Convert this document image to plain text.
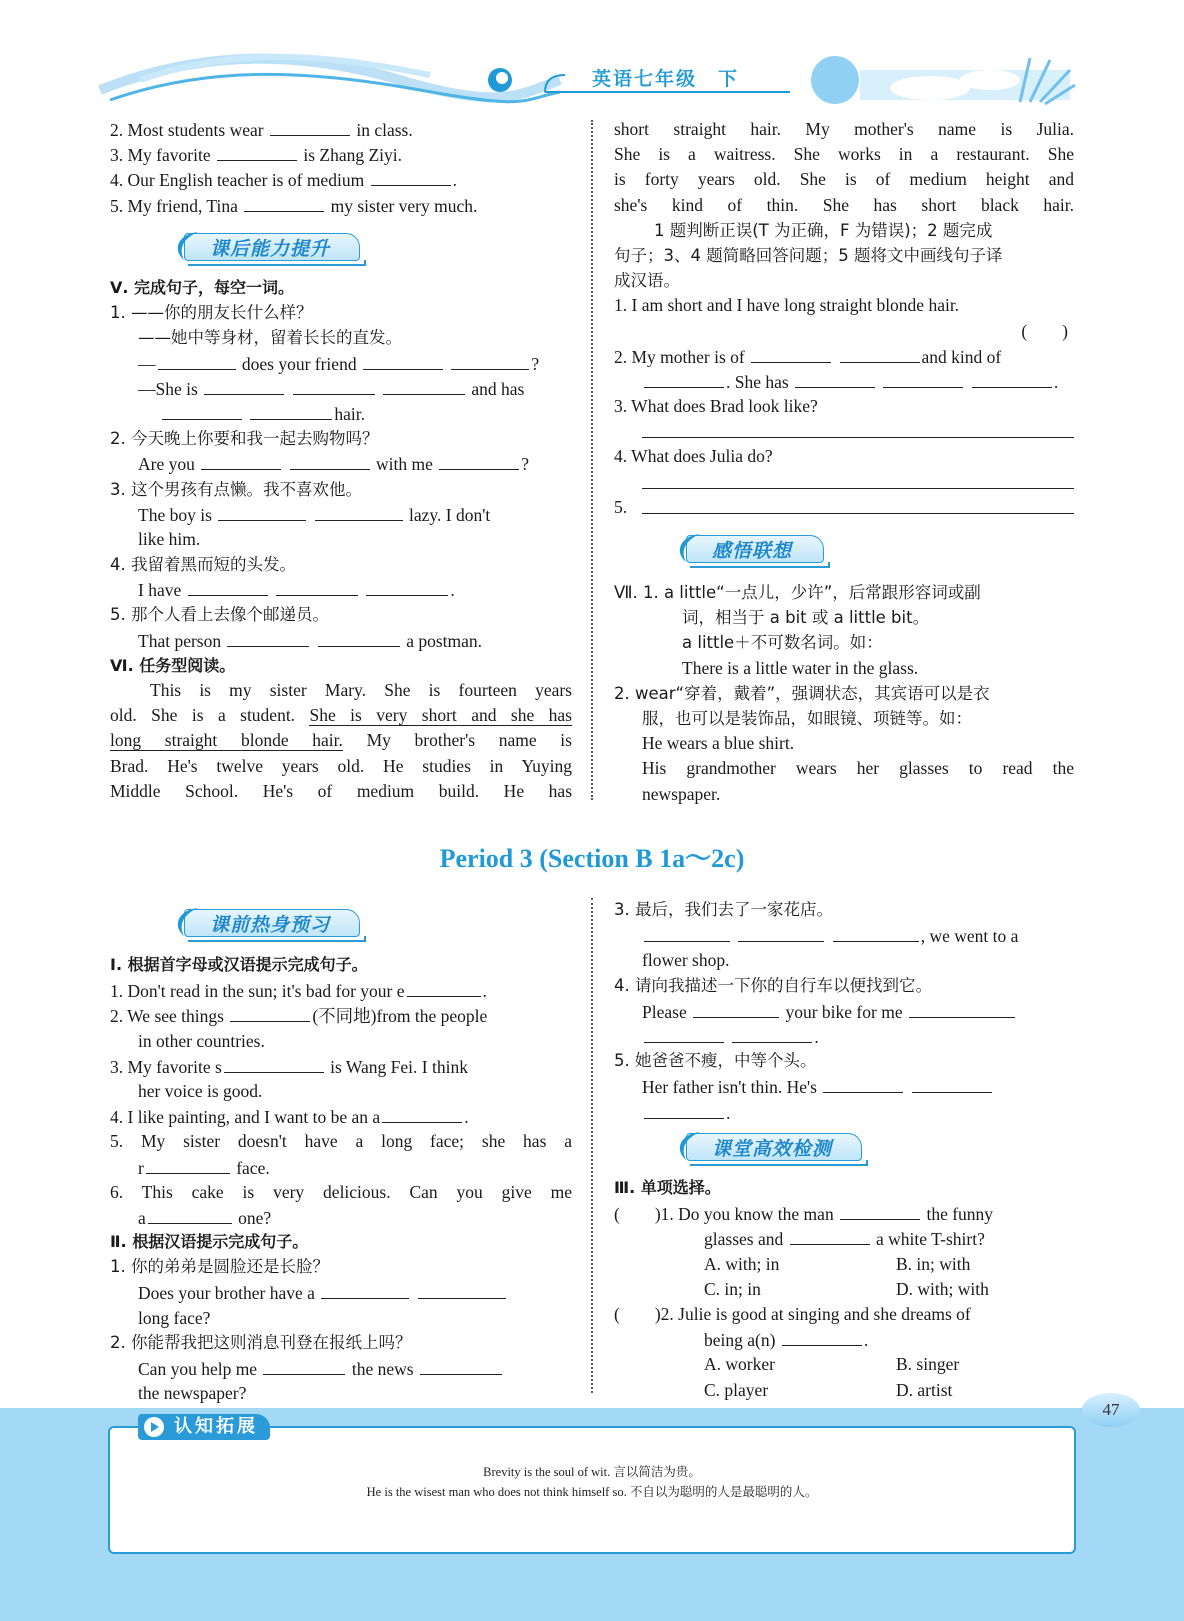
英语七年级　下
2. Most students wear	in class.
3. My favorite	is Zhang Ziyi.
4. Our English teacher is of medium	.
5. My friend, Tina	my sister very much.
课后能力提升
Ⅴ. 完成句子，每空一词。
1. ——你的朋友长什么样？
——她中等身材，留着长长的直发。
—	does your friend	?
—She is	and has
hair.
2. 今天晚上你要和我一起去购物吗？
Are you	with me	?
3. 这个男孩有点懒。我不喜欢他。
The boy is	lazy. I don't
like him.
4. 我留着黑而短的头发。
I have	.
5. 那个人看上去像个邮递员。
That person	a postman.
Ⅵ. 任务型阅读。
This is my sister Mary. She is fourteen years
old. She is a student. She is very short and she has
long straight blonde hair. My brother's name is
Brad. He's twelve years old. He studies in Yuying
Middle School. He's of medium build. He has
short straight hair. My mother's name is Julia.
She is a waitress. She works in a restaurant. She
is forty years old. She is of medium height and
she's kind of thin. She has short black hair.
1 题判断正误(T 为正确，F 为错误)；2 题完成
句子；3、4 题简略回答问题；5 题将文中画线句子译
成汉语。
1. I am short and I have long straight blonde hair.
(　　)
2. My mother is of	and kind of
. She has	.
3. What does Brad look like?
4. What does Julia do?
5.
感悟联想
Ⅶ. 1. a little“一点儿，少许”，后常跟形容词或副
词，相当于 a bit 或 a little bit。
a little＋不可数名词。如：
There is a little water in the glass.
2. wear“穿着，戴着”，强调状态，其宾语可以是衣
服，也可以是装饰品，如眼镜、项链等。如：
He wears a blue shirt.
His grandmother wears her glasses to read the
newspaper.
Period 3 (Section B 1a～2c)
课前热身预习
Ⅰ. 根据首字母或汉语提示完成句子。
1. Don't read in the sun; it's bad for your e	.
2. We see things	(不同地)from the people
in other countries.
3. My favorite s	is Wang Fei. I think
her voice is good.
4. I like painting, and I want to be an a	.
5. My sister doesn't have a long face; she has a
r	face.
6. This cake is very delicious. Can you give me
a	one?
Ⅱ. 根据汉语提示完成句子。
1. 你的弟弟是圆脸还是长脸？
Does your brother have a
long face?
2. 你能帮我把这则消息刊登在报纸上吗？
Can you help me	the news
the newspaper?
3. 最后，我们去了一家花店。
, we went to a
flower shop.
4. 请向我描述一下你的自行车以便找到它。
Please	your bike for me
.
5. 她爸爸不瘦，中等个头。
Her father isn't thin. He's
.
课堂高效检测
Ⅲ. 单项选择。
(　　)1. Do you know the man	the funny
glasses and	a white T-shirt?
A. with; in	B. in; with
C. in; in	D. with; with
(　　)2. Julie is good at singing and she dreams of
being a(n)	.
A. worker	B. singer
C. player	D. artist
47
认知拓展
Brevity is the soul of wit. 言以简洁为贵。
He is the wisest man who does not think himself so. 不自以为聪明的人是最聪明的人。
